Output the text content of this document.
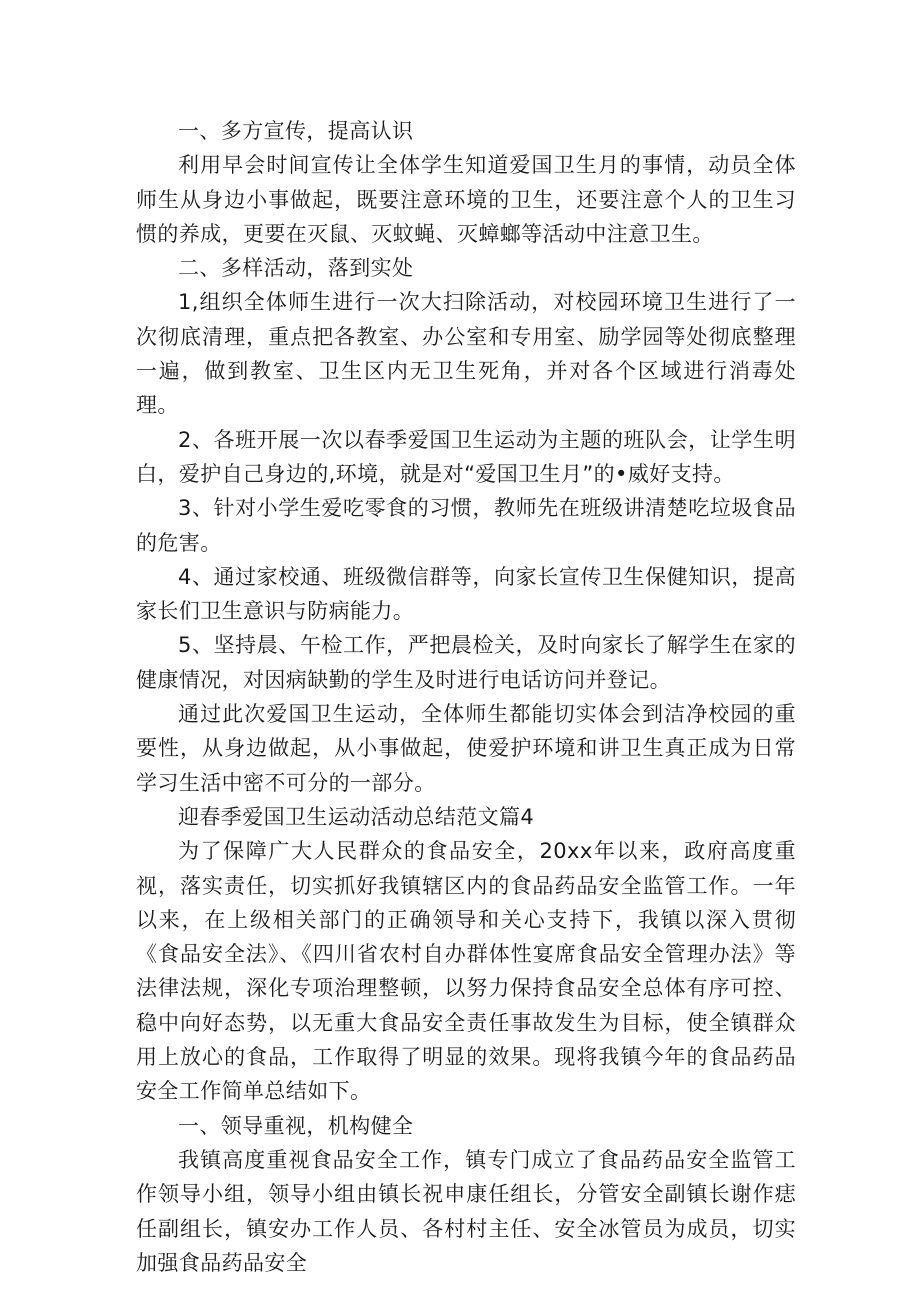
一、多方宣传，提高认识

利用早会时间宣传让全体学生知道爱国卫生月的事情，动员全体师生从身边小事做起，既要注意环境的卫生，还要注意个人的卫生习惯的养成，更要在灭鼠、灭蚊蝇、灭蟑螂等活动中注意卫生。

二、多样活动，落到实处

1,组织全体师生进行一次大扫除活动，对校园环境卫生进行了一次彻底清理，重点把各教室、办公室和专用室、励学园等处彻底整理一遍，做到教室、卫生区内无卫生死角，并对各个区域进行消毒处理。

2、各班开展一次以春季爱国卫生运动为主题的班队会，让学生明白，爱护自己身边的,环境，就是对“爱国卫生月”的•威好支持。

3、针对小学生爱吃零食的习惯，教师先在班级讲清楚吃垃圾食品的危害。

4、通过家校通、班级微信群等，向家长宣传卫生保健知识，提高家长们卫生意识与防病能力。

5、坚持晨、午检工作，严把晨检关，及时向家长了解学生在家的健康情况，对因病缺勤的学生及时进行电话访问并登记。

通过此次爱国卫生运动，全体师生都能切实体会到洁净校园的重要性，从身边做起，从小事做起，使爱护环境和讲卫生真正成为日常学习生活中密不可分的一部分。

迎春季爱国卫生运动活动总结范文篇4

为了保障广大人民群众的食品安全，20xx年以来，政府高度重视，落实责任，切实抓好我镇辖区内的食品药品安全监管工作。一年以来，在上级相关部门的正确领导和关心支持下，我镇以深入贯彻《食品安全法》、《四川省农村自办群体性宴席食品安全管理办法》等法律法规，深化专项治理整顿，以努力保持食品安全总体有序可控、稳中向好态势，以无重大食品安全责任事故发生为目标，使全镇群众用上放心的食品，工作取得了明显的效果。现将我镇今年的食品药品安全工作简单总结如下。

一、领导重视，机构健全

我镇高度重视食品安全工作，镇专门成立了食品药品安全监管工作领导小组，领导小组由镇长祝申康任组长，分管安全副镇长谢作痣任副组长，镇安办工作人员、各村村主任、安全冰管员为成员，切实加强食品药品安全
